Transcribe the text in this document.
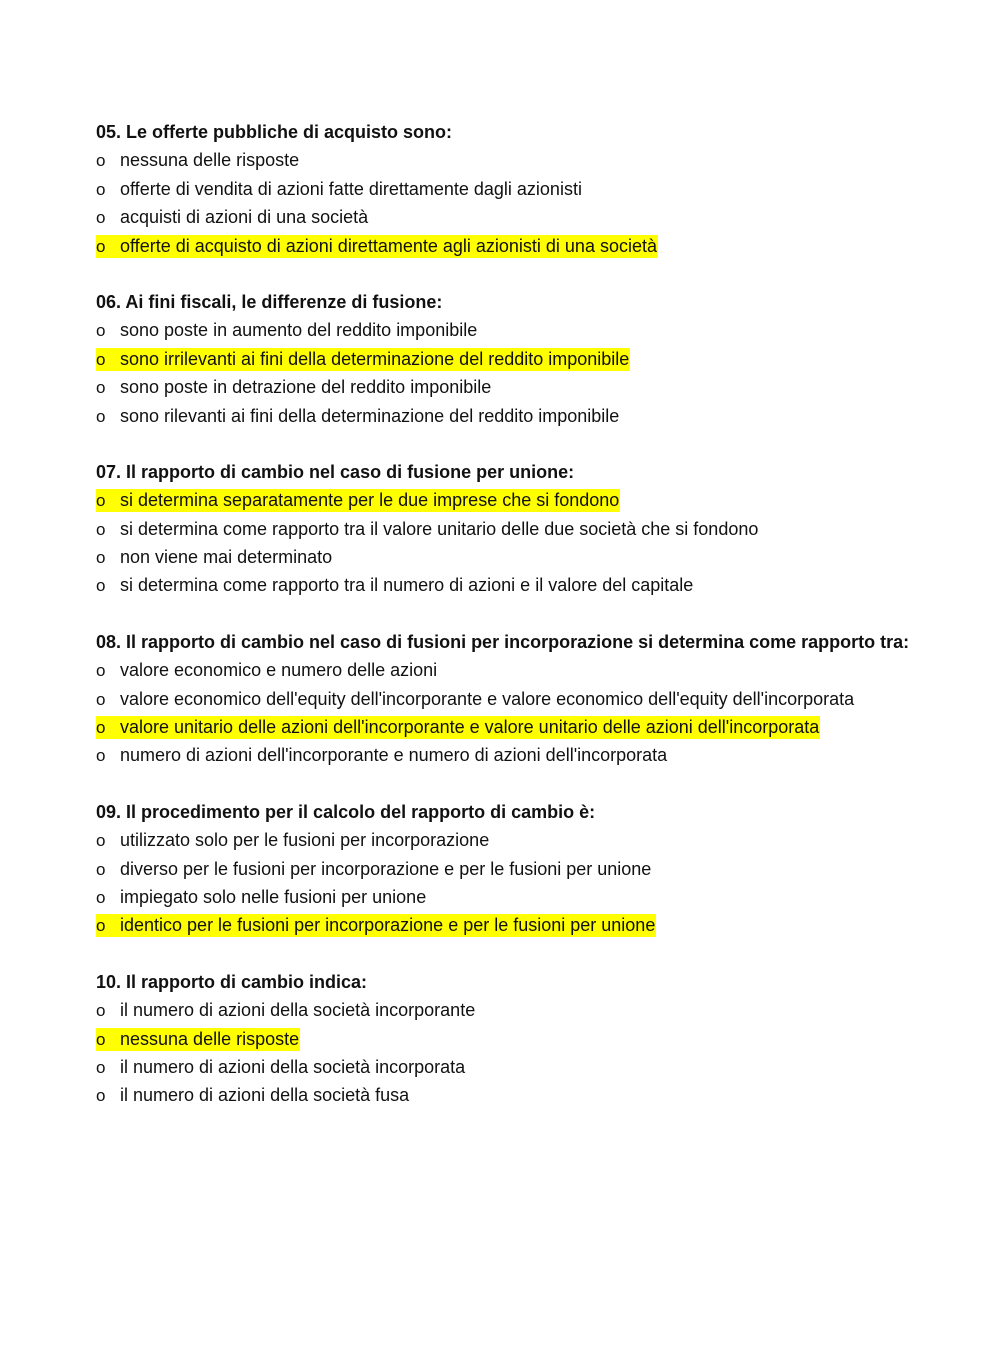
05. Le offerte pubbliche di acquisto sono:
o nessuna delle risposte
o offerte di vendita di azioni fatte direttamente dagli azionisti
o acquisti di azioni di una società
o offerte di acquisto di azioni direttamente agli azionisti di una società
06. Ai fini fiscali, le differenze di fusione:
o sono poste in aumento del reddito imponibile
o sono irrilevanti ai fini della determinazione del reddito imponibile
o sono poste in detrazione del reddito imponibile
o sono rilevanti ai fini della determinazione del reddito imponibile
07. Il rapporto di cambio nel caso di fusione per unione:
o si determina separatamente per le due imprese che si fondono
o si determina come rapporto tra il valore unitario delle due società che si fondono
o non viene mai determinato
o si determina come rapporto tra il numero di azioni e il valore del capitale
08. Il rapporto di cambio nel caso di fusioni per incorporazione si determina come rapporto tra:
o valore economico e numero delle azioni
o valore economico dell'equity dell'incorporante e valore economico dell'equity dell'incorporata
o valore unitario delle azioni dell'incorporante e valore unitario delle azioni dell'incorporata
o numero di azioni dell'incorporante e numero di azioni dell'incorporata
09. Il procedimento per il calcolo del rapporto di cambio è:
o utilizzato solo per le fusioni per incorporazione
o diverso per le fusioni per incorporazione e per le fusioni per unione
o impiegato solo nelle fusioni per unione
o identico per le fusioni per incorporazione e per le fusioni per unione
10. Il rapporto di cambio indica:
o il numero di azioni della società incorporante
o nessuna delle risposte
o il numero di azioni della società incorporata
o il numero di azioni della società fusa
